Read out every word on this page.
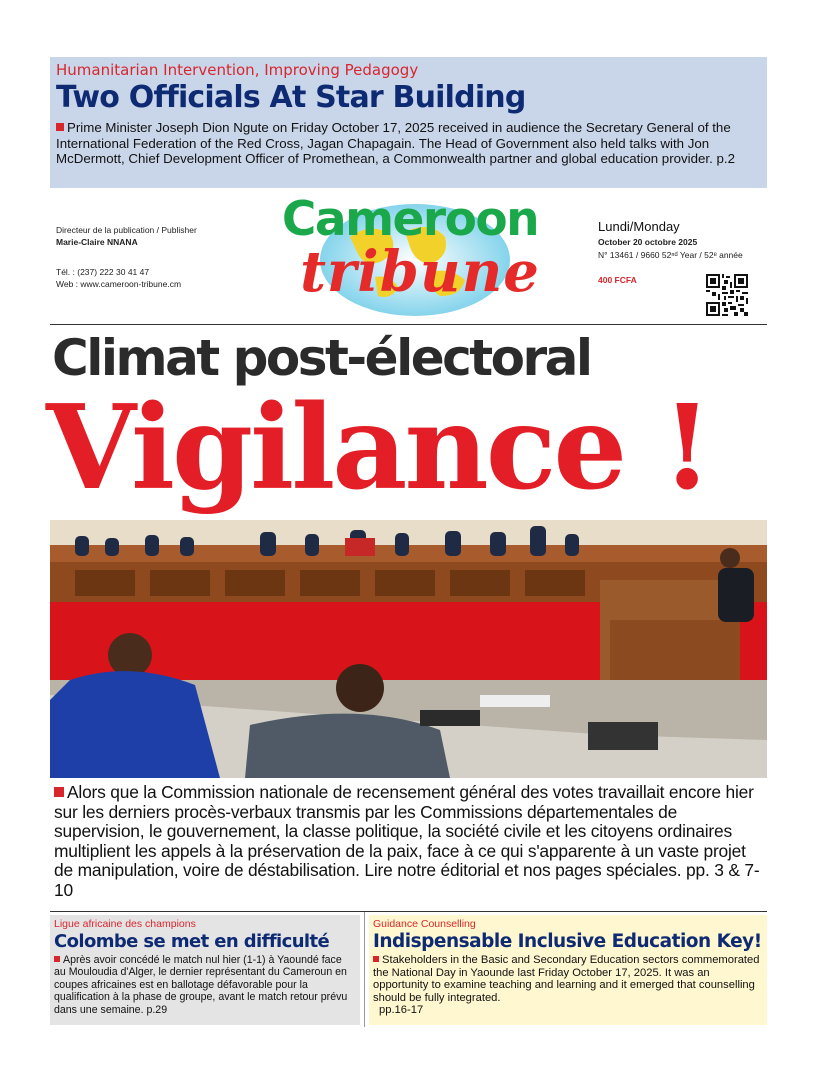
Humanitarian Intervention, Improving Pedagogy
Two Officials At Star Building

Prime Minister Joseph Dion Ngute on Friday October 17, 2025 received in audience the Secretary General of the International Federation of the Red Cross, Jagan Chapagain. The Head of Government also held talks with Jon McDermott, Chief Development Officer of Promethean, a Commonwealth partner and global education provider. p.2

Directeur de la publication / Publisher
Marie-Claire NNANA
Tél. : (237) 222 30 41 47
Web : www.cameroon-tribune.cm
Cameroon
tribune
Lundi/Monday
October 20 octobre 2025
N° 13461 / 9660 52ⁿᵈ Year / 52ᵉ année
400 FCFA
Climat post-électoral
Vigilance !

Alors que la Commission nationale de recensement général des votes travaillait encore hier sur les derniers procès-verbaux transmis par les Commissions départementales de supervision, le gouvernement, la classe politique, la société civile et les citoyens ordinaires multiplient les appels à la préservation de la paix, face à ce qui s'apparente à un vaste projet de manipulation, voire de déstabilisation. Lire notre éditorial et nos pages spéciales. pp. 3 & 7-10

Ligue africaine des champions
Colombe se met en difficulté

Après avoir concédé le match nul hier (1-1) à Yaoundé face au Mouloudia d'Alger, le dernier représentant du Cameroun en coupes africaines est en ballotage défavorable pour la qualification à la phase de groupe, avant le match retour prévu dans une semaine. p.29

Guidance Counselling
Indispensable Inclusive Education Key!

Stakeholders in the Basic and Secondary Education sectors commemorated the National Day in Yaounde last Friday October 17, 2025. It was an opportunity to examine teaching and learning and it emerged that counselling should be fully integrated.
pp.16-17
